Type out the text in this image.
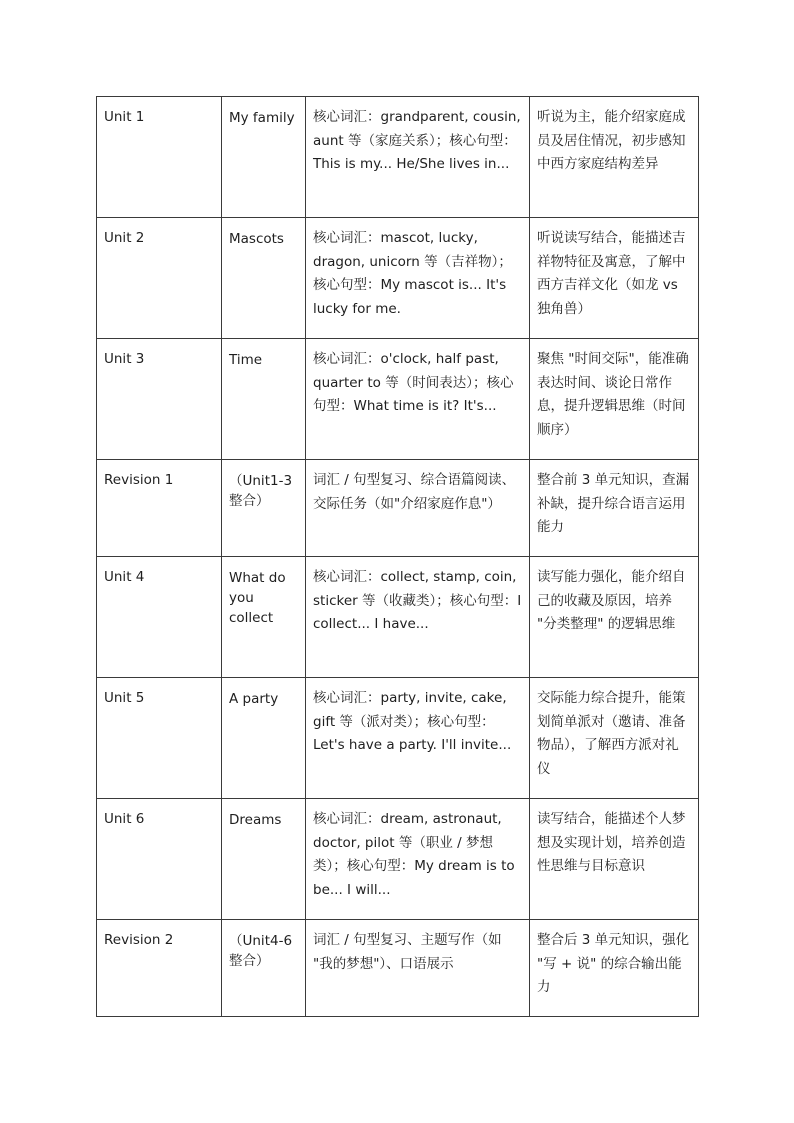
Unit 1	My family	核心词汇：grandparent, cousin, aunt 等（家庭关系）；核心句型：This is my... He/She lives in...	听说为主，能介绍家庭成员及居住情况，初步感知中西方家庭结构差异
Unit 2	Mascots	核心词汇：mascot, lucky, dragon, unicorn 等（吉祥物）；核心句型：My mascot is... It's lucky for me.	听说读写结合，能描述吉祥物特征及寓意，了解中西方吉祥文化（如龙 vs 独角兽）
Unit 3	Time	核心词汇：o'clock, half past, quarter to 等（时间表达）；核心句型：What time is it? It's...	聚焦 "时间交际"，能准确表达时间、谈论日常作息，提升逻辑思维（时间顺序）
Revision 1	（Unit1-3 整合）	词汇 / 句型复习、综合语篇阅读、交际任务（如"介绍家庭作息"）	整合前 3 单元知识，查漏补缺，提升综合语言运用能力
Unit 4	What do you collect	核心词汇：collect, stamp, coin, sticker 等（收藏类）；核心句型：I collect... I have...	读写能力强化，能介绍自己的收藏及原因，培养 "分类整理" 的逻辑思维
Unit 5	A party	核心词汇：party, invite, cake, gift 等（派对类）；核心句型：Let's have a party. I'll invite...	交际能力综合提升，能策划简单派对（邀请、准备物品），了解西方派对礼仪
Unit 6	Dreams	核心词汇：dream, astronaut, doctor, pilot 等（职业 / 梦想类）；核心句型：My dream is to be... I will...	读写结合，能描述个人梦想及实现计划，培养创造性思维与目标意识
Revision 2	（Unit4-6 整合）	词汇 / 句型复习、主题写作（如 "我的梦想"）、口语展示	整合后 3 单元知识，强化 "写 + 说" 的综合输出能力
